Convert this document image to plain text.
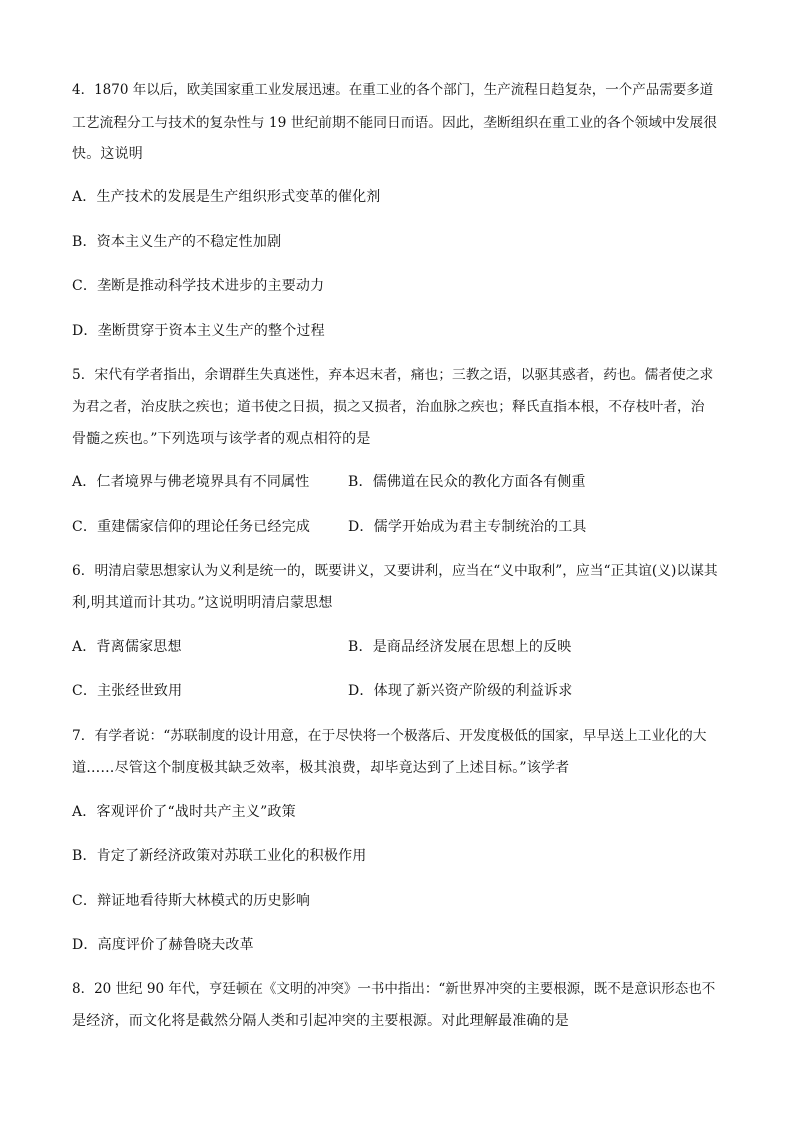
4．1870 年以后，欧美国家重工业发展迅速。在重工业的各个部门，生产流程日趋复杂，一个产品需要多道
工艺流程分工与技术的复杂性与 19 世纪前期不能同日而语。因此，垄断组织在重工业的各个领域中发展很
快。这说明
A．生产技术的发展是生产组织形式变革的催化剂
B．资本主义生产的不稳定性加剧
C．垄断是推动科学技术进步的主要动力
D．垄断贯穿于资本主义生产的整个过程
5．宋代有学者指出，余谓群生失真迷性，弃本迟末者，痛也；三教之语，以驱其惑者，药也。儒者使之求
为君之者，治皮肤之疾也；道书使之日损，损之又损者，治血脉之疾也；释氏直指本根，不存枝叶者，治
骨髓之疾也。”下列选项与该学者的观点相符的是
A．仁者境界与佛老境界具有不同属性	B．儒佛道在民众的教化方面各有侧重
C．重建儒家信仰的理论任务已经完成	D．儒学开始成为君主专制统治的工具
6．明清启蒙思想家认为义利是统一的，既要讲义，又要讲利，应当在“义中取利”，应当“正其谊(义)以谋其
利,明其道而计其功。”这说明明清启蒙思想
A．背离儒家思想	B．是商品经济发展在思想上的反映
C．主张经世致用	D．体现了新兴资产阶级的利益诉求
7．有学者说：“苏联制度的设计用意，在于尽快将一个极落后、开发度极低的国家，早早送上工业化的大
道……尽管这个制度极其缺乏效率，极其浪费，却毕竟达到了上述目标。”该学者
A．客观评价了“战时共产主义”政策
B．肯定了新经济政策对苏联工业化的积极作用
C．辩证地看待斯大林模式的历史影响
D．高度评价了赫鲁晓夫改革
8．20 世纪 90 年代，亨廷顿在《文明的冲突》一书中指出：“新世界冲突的主要根源，既不是意识形态也不
是经济，而文化将是截然分隔人类和引起冲突的主要根源。对此理解最准确的是
